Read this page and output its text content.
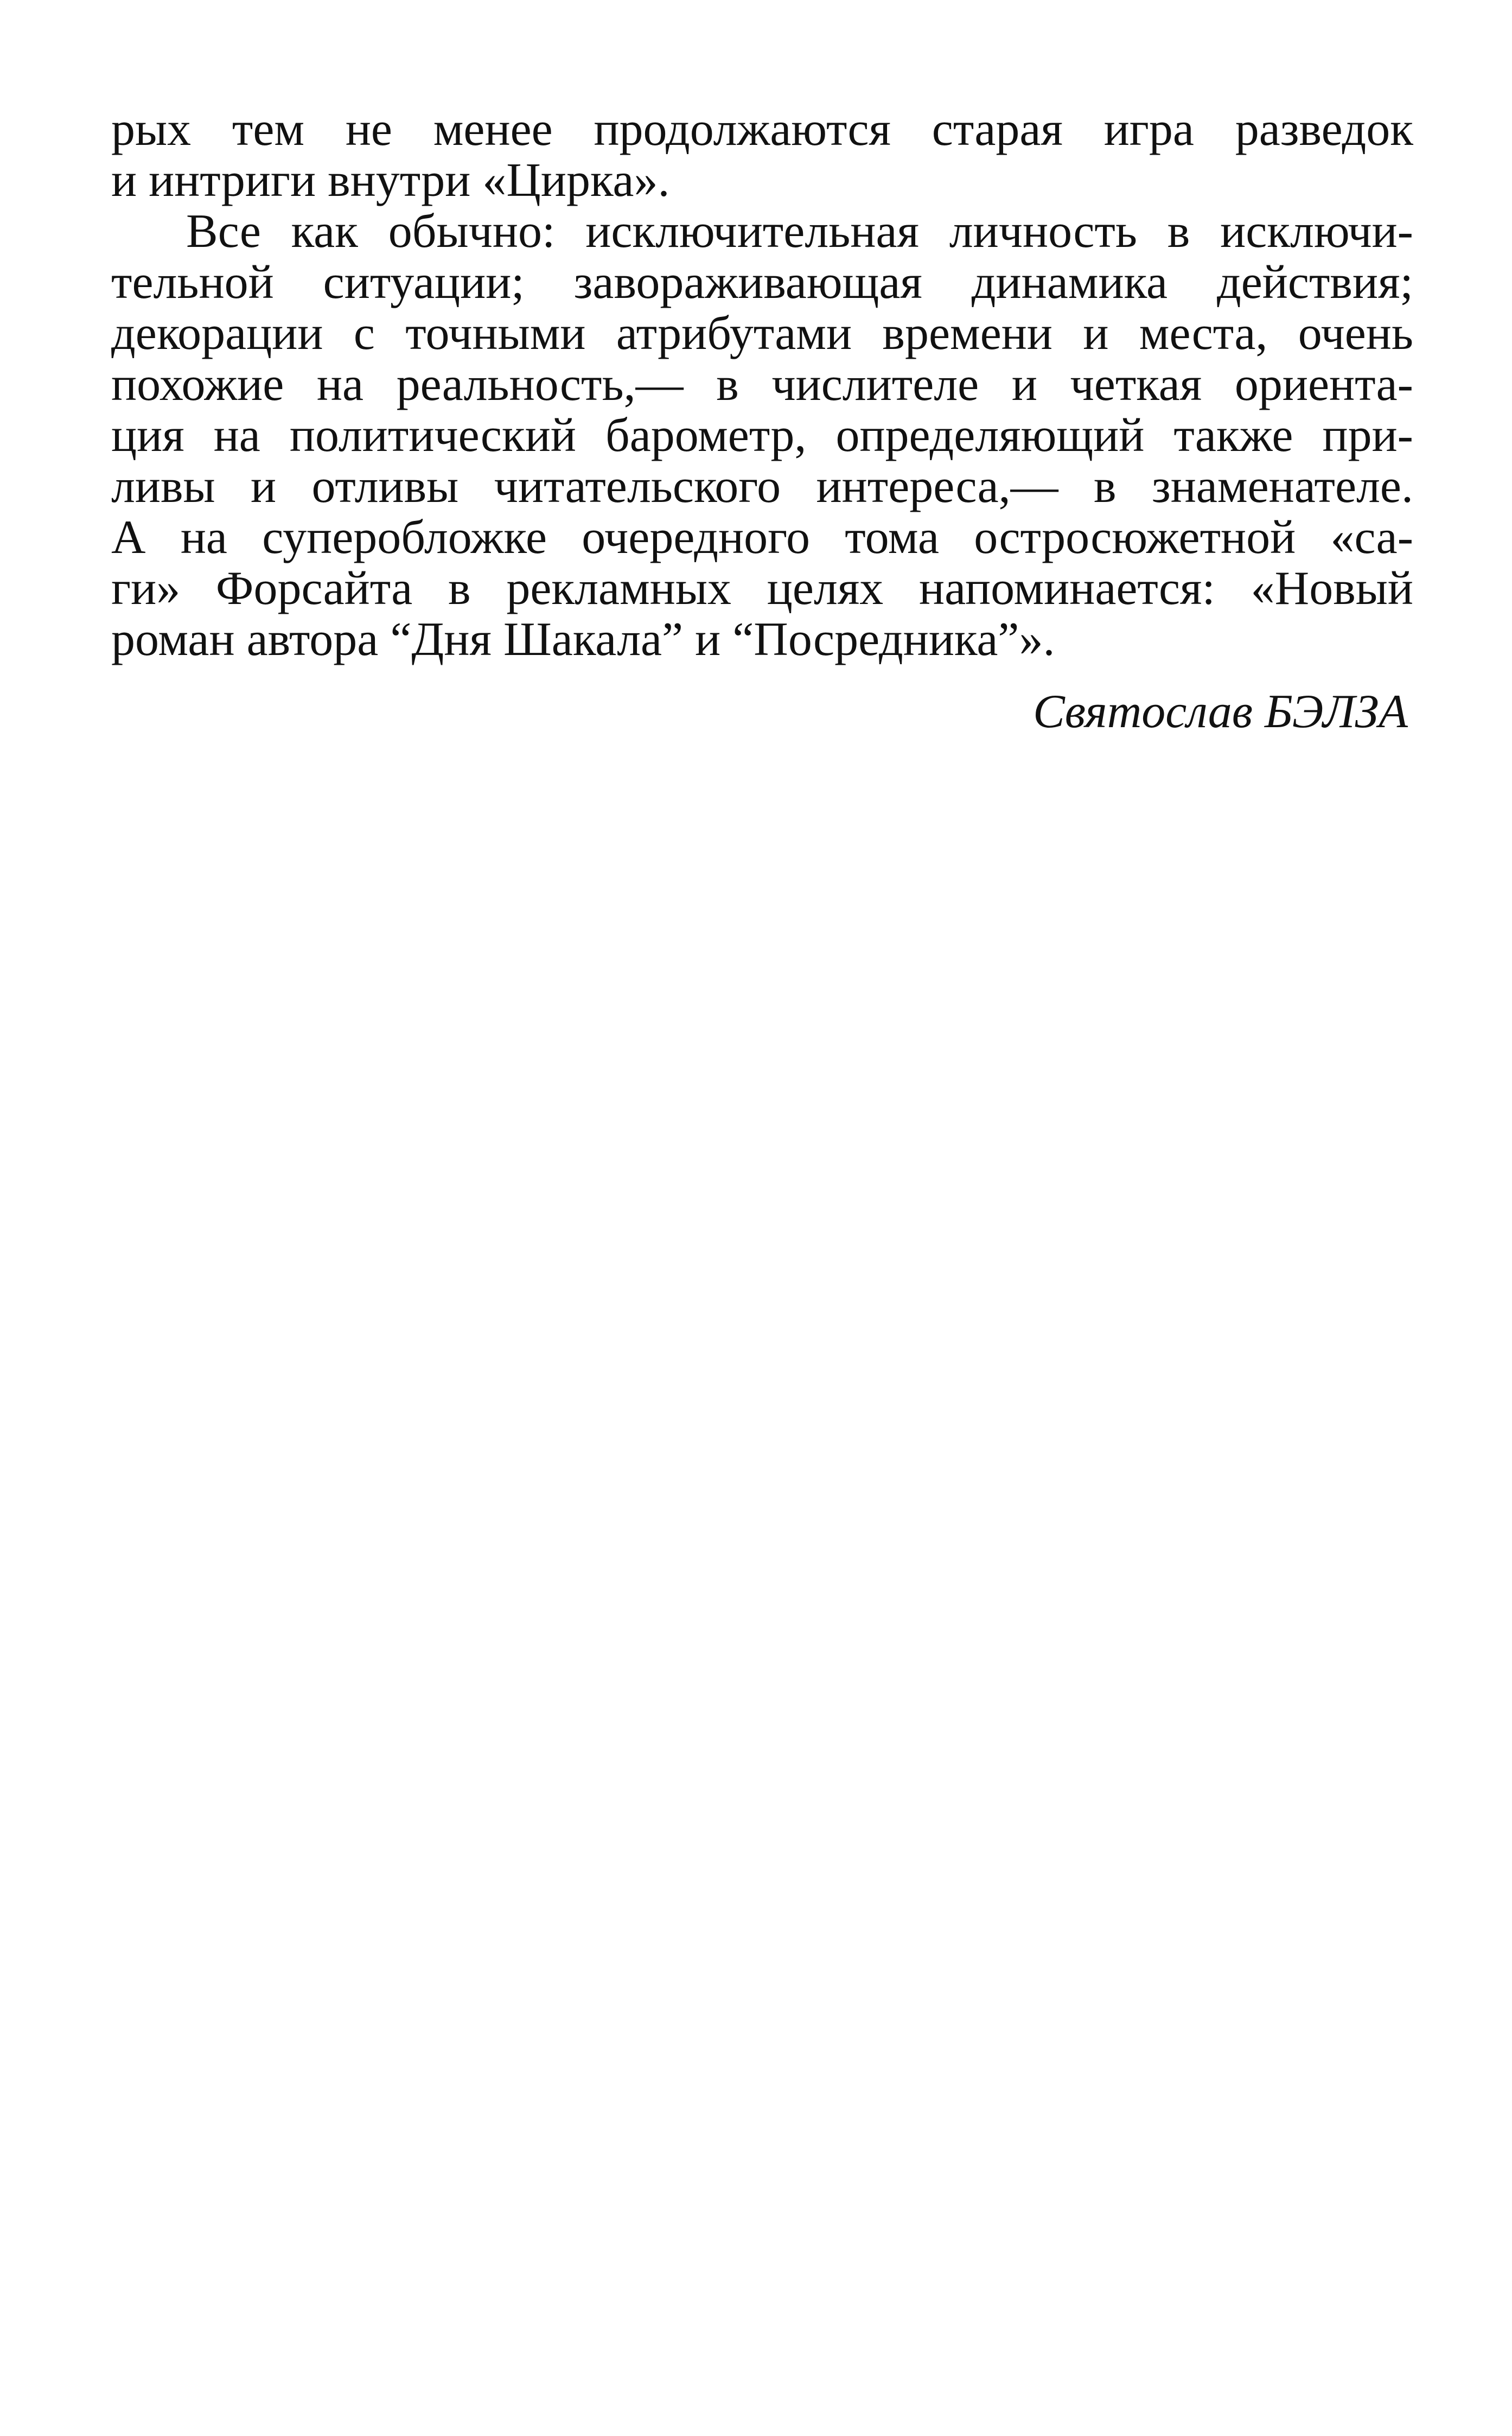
рых тем не менее продолжаются старая игра разведок
и интриги внутри «Цирка».
Все как обычно: исключительная личность в исключи-
тельной ситуации; завораживающая динамика действия;
декорации с точными атрибутами времени и места, очень
похожие на реальность,— в числителе и четкая ориента-
ция на политический барометр, определяющий также при-
ливы и отливы читательского интереса,— в знаменателе.
А на суперобложке очередного тома остросюжетной «са-
ги» Форсайта в рекламных целях напоминается: «Новый
роман автора “Дня Шакала” и “Посредника”».
Святослав БЭЛЗА
